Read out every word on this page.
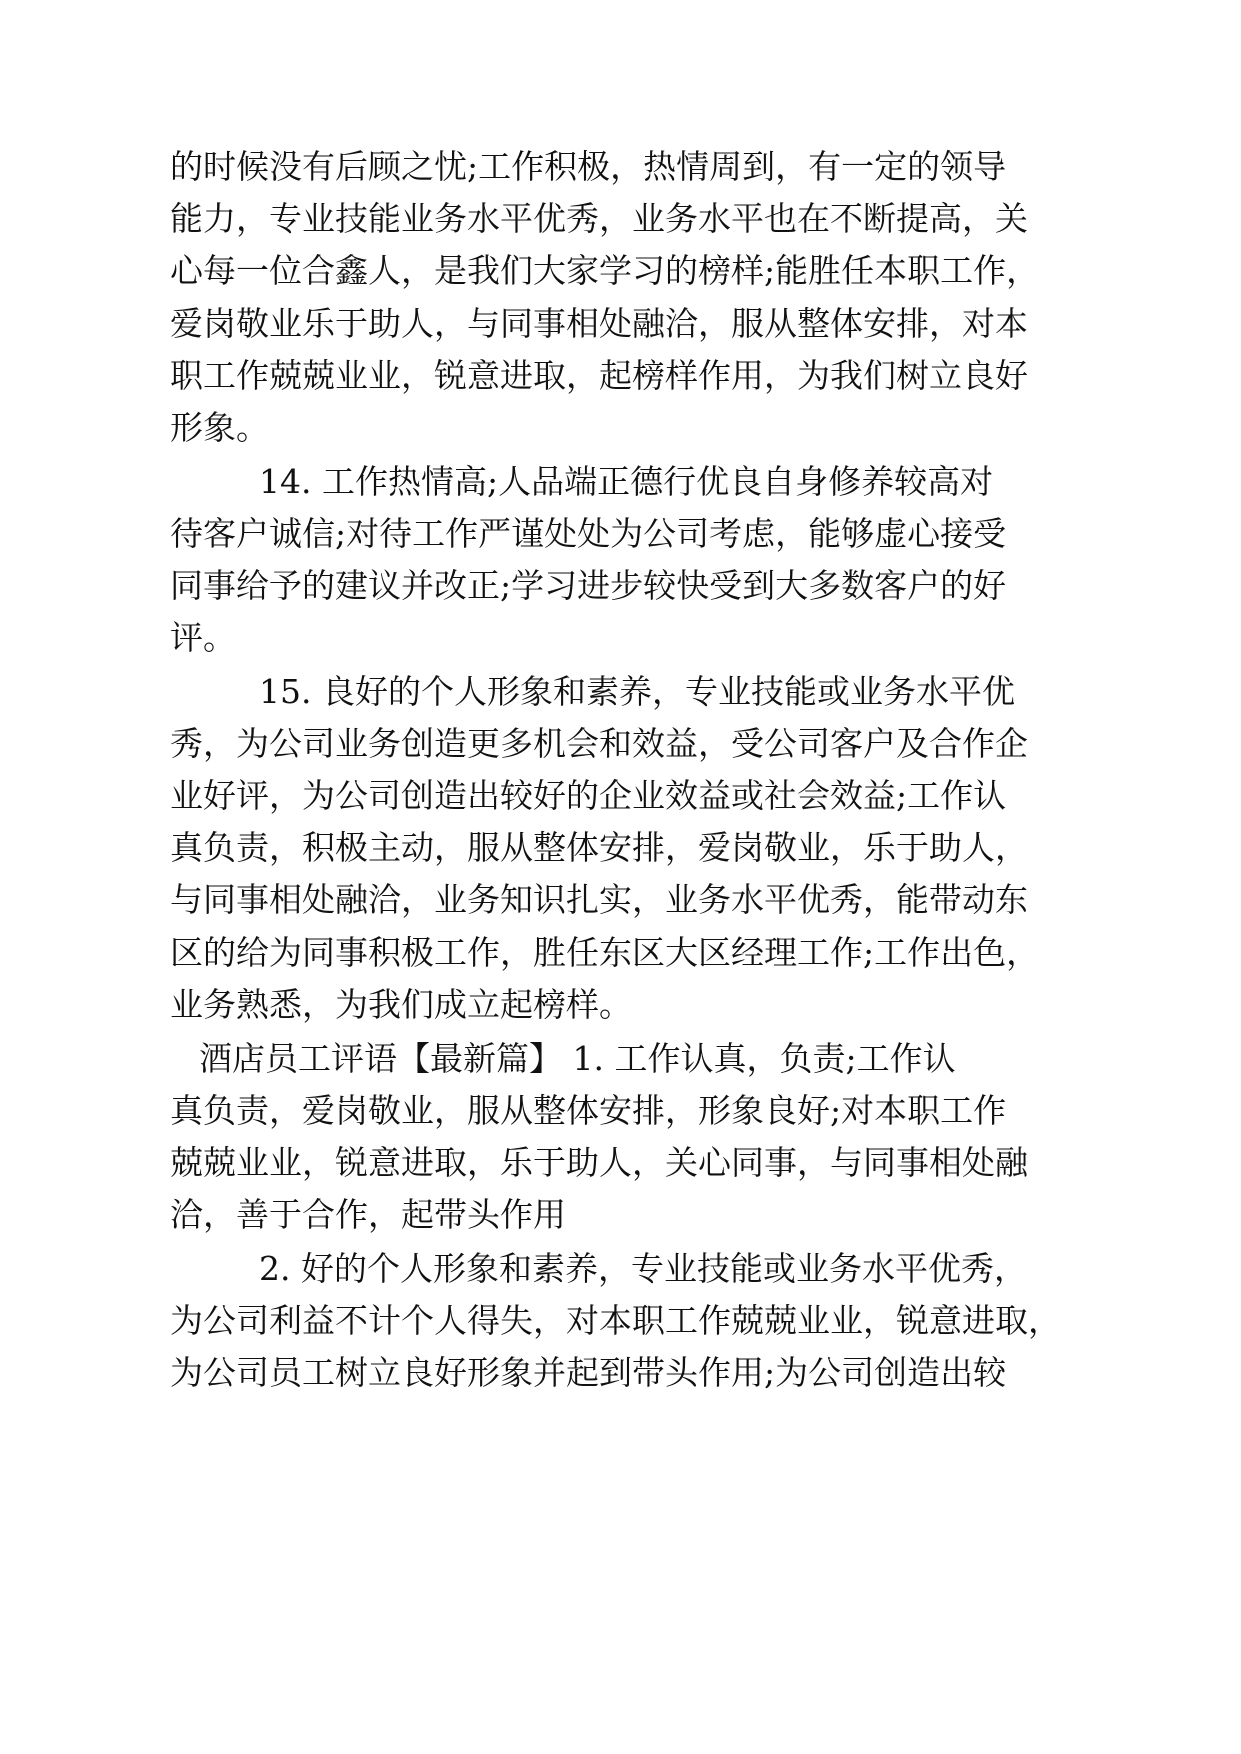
的时候没有后顾之忧;工作积极，热情周到，有一定的领导

能力，专业技能业务水平优秀，业务水平也在不断提高，关

心每一位合鑫人，是我们大家学习的榜样;能胜任本职工作，

爱岗敬业乐于助人，与同事相处融洽，服从整体安排，对本

职工作兢兢业业，锐意进取，起榜样作用，为我们树立良好

形象。

14. 工作热情高;人品端正德行优良自身修养较高对

待客户诚信;对待工作严谨处处为公司考虑，能够虚心接受

同事给予的建议并改正;学习进步较快受到大多数客户的好

评。

15. 良好的个人形象和素养，专业技能或业务水平优

秀，为公司业务创造更多机会和效益，受公司客户及合作企

业好评，为公司创造出较好的企业效益或社会效益;工作认

真负责，积极主动，服从整体安排，爱岗敬业，乐于助人，

与同事相处融洽，业务知识扎实，业务水平优秀，能带动东

区的给为同事积极工作，胜任东区大区经理工作;工作出色，

业务熟悉，为我们成立起榜样。

酒店员工评语【最新篇】 1. 工作认真，负责;工作认

真负责，爱岗敬业，服从整体安排，形象良好;对本职工作

兢兢业业，锐意进取，乐于助人，关心同事，与同事相处融

洽，善于合作，起带头作用

2. 好的个人形象和素养，专业技能或业务水平优秀，

为公司利益不计个人得失，对本职工作兢兢业业，锐意进取，

为公司员工树立良好形象并起到带头作用;为公司创造出较
